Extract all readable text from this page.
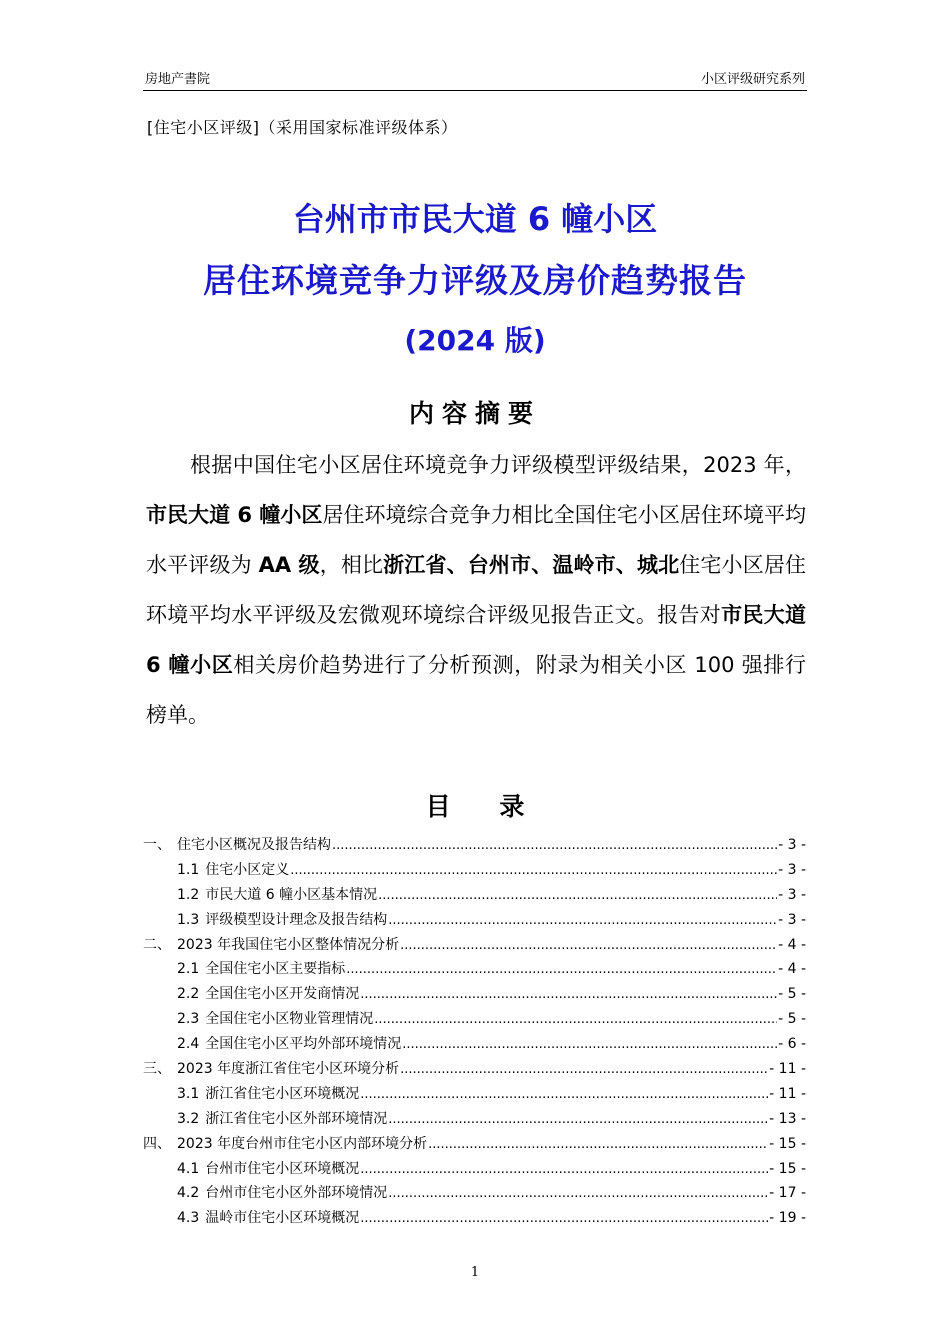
房地产書院	小区评级研究系列
[住宅小区评级]（采用国家标准评级体系）
台州市市民大道 6 幢小区
居住环境竞争力评级及房价趋势报告
(2024 版)
内容摘要
根据中国住宅小区居住环境竞争力评级模型评级结果，2023 年，市民大道 6 幢小区居住环境综合竞争力相比全国住宅小区居住环境平均水平评级为 AA 级，相比浙江省、台州市、温岭市、城北住宅小区居住环境平均水平评级及宏微观环境综合评级见报告正文。报告对市民大道 6 幢小区相关房价趋势进行了分析预测，附录为相关小区 100 强排行榜单。
目 录
一、 住宅小区概况及报告结构 .....	- 3 -
1.1 住宅小区定义 .....	- 3 -
1.2 市民大道 6 幢小区基本情况 .....	- 3 -
1.3 评级模型设计理念及报告结构 .....	- 3 -
二、 2023 年我国住宅小区整体情况分析 .....	- 4 -
2.1 全国住宅小区主要指标 .....	- 4 -
2.2 全国住宅小区开发商情况 .....	- 5 -
2.3 全国住宅小区物业管理情况 .....	- 5 -
2.4 全国住宅小区平均外部环境情况 .....	- 6 -
三、 2023 年度浙江省住宅小区环境分析 .....	- 11 -
3.1 浙江省住宅小区环境概况 .....	- 11 -
3.2 浙江省住宅小区外部环境情况 .....	- 13 -
四、 2023 年度台州市住宅小区内部环境分析 .....	- 15 -
4.1 台州市住宅小区环境概况 .....	- 15 -
4.2 台州市住宅小区外部环境情况 .....	- 17 -
4.3 温岭市住宅小区环境概况 .....	- 19 -
1
